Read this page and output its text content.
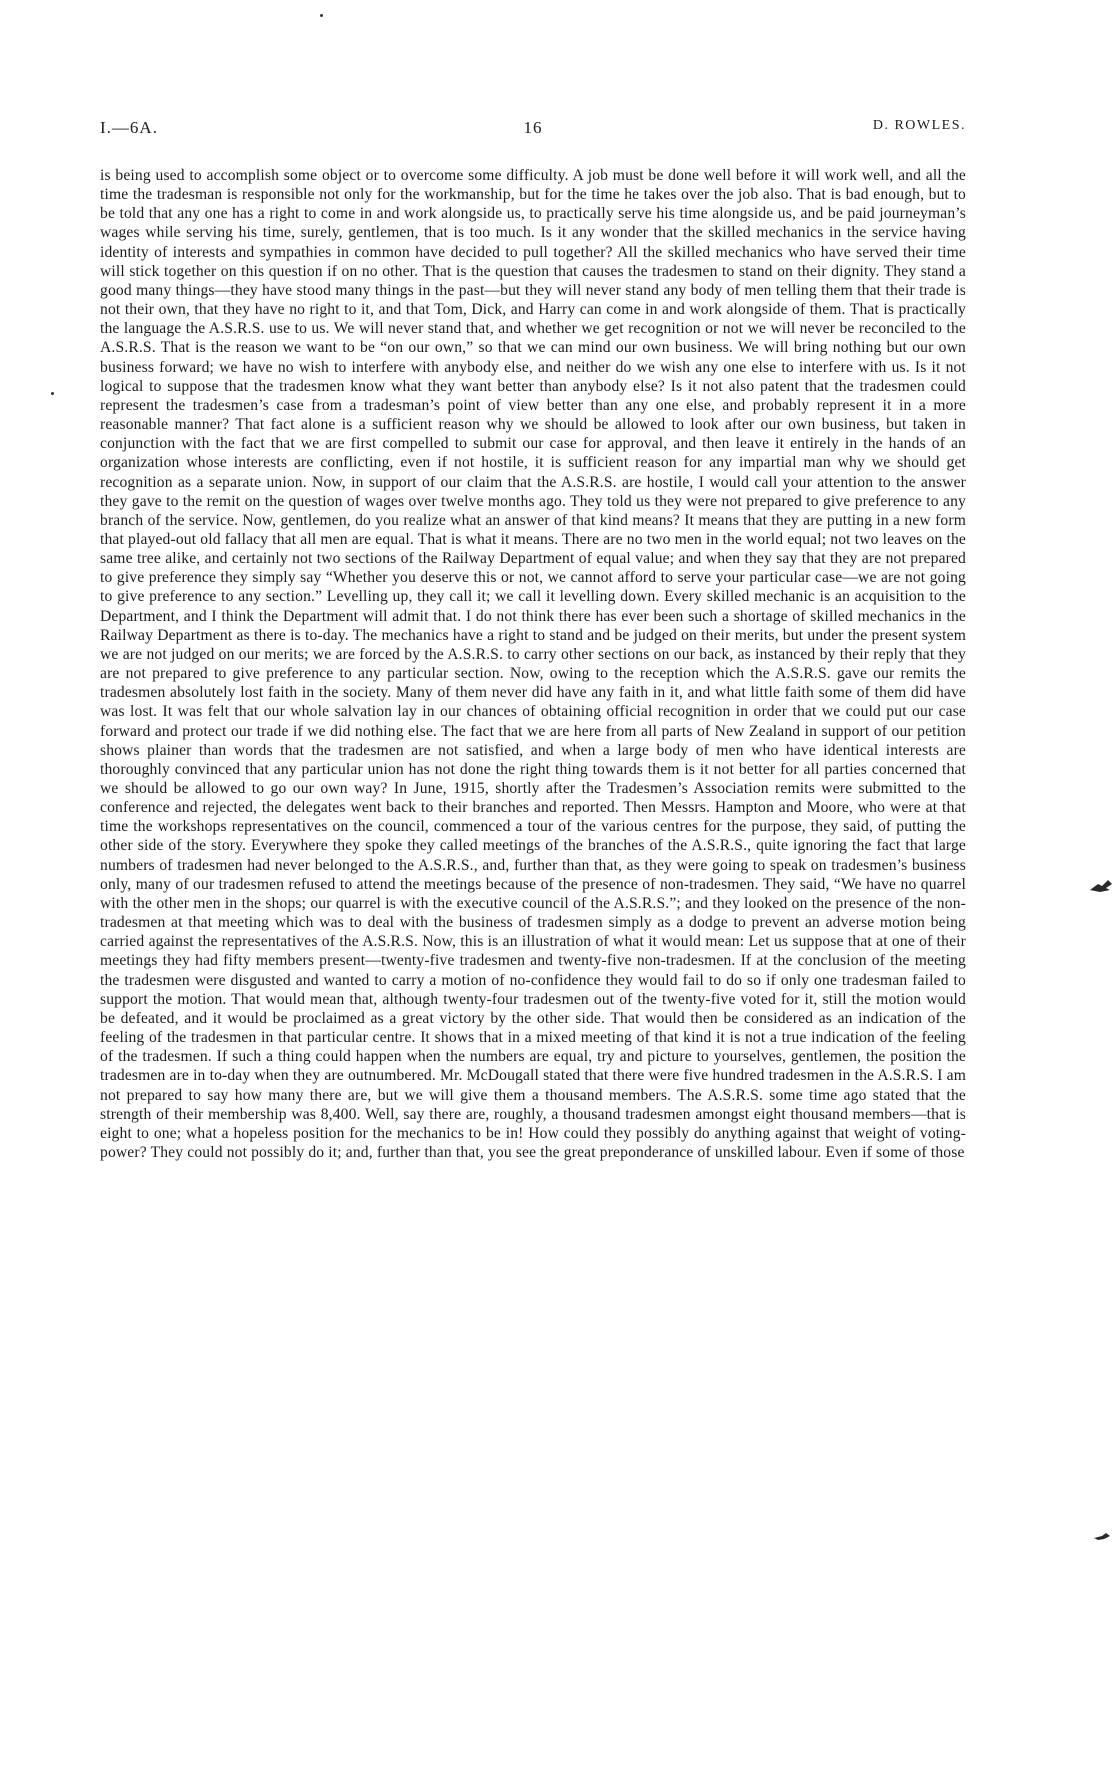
I.—6A.	16	D. ROWLES.

is being used to accomplish some object or to overcome some difficulty. A job must be done well before it will work well, and all the time the tradesman is responsible not only for the workmanship, but for the time he takes over the job also. That is bad enough, but to be told that any one has a right to come in and work alongside us, to practically serve his time alongside us, and be paid journeyman’s wages while serving his time, surely, gentlemen, that is too much. Is it any wonder that the skilled mechanics in the service having identity of interests and sympathies in common have decided to pull together? All the skilled mechanics who have served their time will stick together on this question if on no other. That is the question that causes the tradesmen to stand on their dignity. They stand a good many things—they have stood many things in the past—but they will never stand any body of men telling them that their trade is not their own, that they have no right to it, and that Tom, Dick, and Harry can come in and work alongside of them. That is practically the language the A.S.R.S. use to us. We will never stand that, and whether we get recognition or not we will never be reconciled to the A.S.R.S. That is the reason we want to be “on our own,” so that we can mind our own business. We will bring nothing but our own business forward; we have no wish to interfere with anybody else, and neither do we wish any one else to interfere with us. Is it not logical to suppose that the tradesmen know what they want better than anybody else? Is it not also patent that the tradesmen could represent the tradesmen’s case from a tradesman’s point of view better than any one else, and probably represent it in a more reasonable manner? That fact alone is a sufficient reason why we should be allowed to look after our own business, but taken in conjunction with the fact that we are first compelled to submit our case for approval, and then leave it entirely in the hands of an organization whose interests are conflicting, even if not hostile, it is sufficient reason for any impartial man why we should get recognition as a separate union. Now, in support of our claim that the A.S.R.S. are hostile, I would call your attention to the answer they gave to the remit on the question of wages over twelve months ago. They told us they were not prepared to give preference to any branch of the service. Now, gentlemen, do you realize what an answer of that kind means? It means that they are putting in a new form that played-out old fallacy that all men are equal. That is what it means. There are no two men in the world equal; not two leaves on the same tree alike, and certainly not two sections of the Railway Department of equal value; and when they say that they are not prepared to give preference they simply say “Whether you deserve this or not, we cannot afford to serve your particular case—we are not going to give preference to any section.” Levelling up, they call it; we call it levelling down. Every skilled mechanic is an acquisition to the Department, and I think the Department will admit that. I do not think there has ever been such a shortage of skilled mechanics in the Railway Department as there is to-day. The mechanics have a right to stand and be judged on their merits, but under the present system we are not judged on our merits; we are forced by the A.S.R.S. to carry other sections on our back, as instanced by their reply that they are not prepared to give preference to any particular section. Now, owing to the reception which the A.S.R.S. gave our remits the tradesmen absolutely lost faith in the society. Many of them never did have any faith in it, and what little faith some of them did have was lost. It was felt that our whole salvation lay in our chances of obtaining official recognition in order that we could put our case forward and protect our trade if we did nothing else. The fact that we are here from all parts of New Zealand in support of our petition shows plainer than words that the tradesmen are not satisfied, and when a large body of men who have identical interests are thoroughly convinced that any particular union has not done the right thing towards them is it not better for all parties concerned that we should be allowed to go our own way? In June, 1915, shortly after the Tradesmen’s Association remits were submitted to the conference and rejected, the delegates went back to their branches and reported. Then Messrs. Hampton and Moore, who were at that time the workshops representatives on the council, commenced a tour of the various centres for the purpose, they said, of putting the other side of the story. Everywhere they spoke they called meetings of the branches of the A.S.R.S., quite ignoring the fact that large numbers of tradesmen had never belonged to the A.S.R.S., and, further than that, as they were going to speak on tradesmen’s business only, many of our tradesmen refused to attend the meetings because of the presence of non-tradesmen. They said, “We have no quarrel with the other men in the shops; our quarrel is with the executive council of the A.S.R.S.”; and they looked on the presence of the non-tradesmen at that meeting which was to deal with the business of tradesmen simply as a dodge to prevent an adverse motion being carried against the representatives of the A.S.R.S. Now, this is an illustration of what it would mean: Let us suppose that at one of their meetings they had fifty members present—twenty-five tradesmen and twenty-five non-tradesmen. If at the conclusion of the meeting the tradesmen were disgusted and wanted to carry a motion of no-confidence they would fail to do so if only one tradesman failed to support the motion. That would mean that, although twenty-four tradesmen out of the twenty-five voted for it, still the motion would be defeated, and it would be proclaimed as a great victory by the other side. That would then be considered as an indication of the feeling of the tradesmen in that particular centre. It shows that in a mixed meeting of that kind it is not a true indication of the feeling of the tradesmen. If such a thing could happen when the numbers are equal, try and picture to yourselves, gentlemen, the position the tradesmen are in to-day when they are outnumbered. Mr. McDougall stated that there were five hundred tradesmen in the A.S.R.S. I am not prepared to say how many there are, but we will give them a thousand members. The A.S.R.S. some time ago stated that the strength of their membership was 8,400. Well, say there are, roughly, a thousand tradesmen amongst eight thousand members—that is eight to one; what a hopeless position for the mechanics to be in! How could they possibly do anything against that weight of voting-power? They could not possibly do it; and, further than that, you see the great preponderance of unskilled labour. Even if some of those
